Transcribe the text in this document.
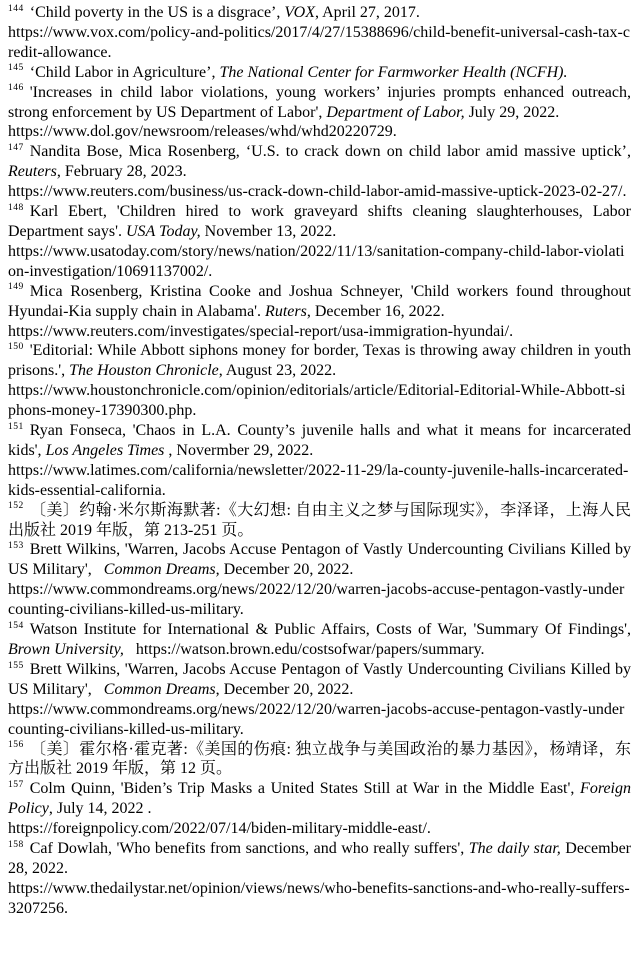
$^{144}$ ‘Child poverty in the US is a disgrace’, VOX, April 27, 2017.
https://www.vox.com/policy-and-politics/2017/4/27/15388696/child-benefit-universal-cash-tax-credit-allowance.

$^{145}$ ‘Child Labor in Agriculture’, The National Center for Farmworker Health (NCFH).

$^{146}$ 'Increases in child labor violations, young workers’ injuries prompts enhanced outreach, strong enforcement by US Department of Labor', Department of Labor, July 29, 2022.
https://www.dol.gov/newsroom/releases/whd/whd20220729.

$^{147}$ Nandita Bose, Mica Rosenberg, ‘U.S. to crack down on child labor amid massive uptick’, Reuters, February 28, 2023.
https://www.reuters.com/business/us-crack-down-child-labor-amid-massive-uptick-2023-02-27/.

$^{148}$ Karl Ebert, 'Children hired to work graveyard shifts cleaning slaughterhouses, Labor Department says'. USA Today, November 13, 2022.
https://www.usatoday.com/story/news/nation/2022/11/13/sanitation-company-child-labor-violation-investigation/10691137002/.

$^{149}$ Mica Rosenberg, Kristina Cooke and Joshua Schneyer, 'Child workers found throughout Hyundai-Kia supply chain in Alabama'. Ruters, December 16, 2022.
https://www.reuters.com/investigates/special-report/usa-immigration-hyundai/.

$^{150}$ 'Editorial: While Abbott siphons money for border, Texas is throwing away children in youth prisons.', The Houston Chronicle, August 23, 2022.
https://www.houstonchronicle.com/opinion/editorials/article/Editorial-Editorial-While-Abbott-siphons-money-17390300.php.

$^{151}$ Ryan Fonseca, 'Chaos in L.A. County’s juvenile halls and what it means for incarcerated kids', Los Angeles Times , Novermber 29, 2022.
https://www.latimes.com/california/newsletter/2022-11-29/la-county-juvenile-halls-incarcerated-kids-essential-california.

$^{152}$ 〔美〕约翰·米尔斯海默著:《大幻想: 自由主义之梦与国际现实》，李泽译，上海人民出版社 2019 年版，第 213-251 页。

$^{153}$ Brett Wilkins, 'Warren, Jacobs Accuse Pentagon of Vastly Undercounting Civilians Killed by US Military',   Common Dreams, December 20, 2022.
https://www.commondreams.org/news/2022/12/20/warren-jacobs-accuse-pentagon-vastly-undercounting-civilians-killed-us-military.

$^{154}$ Watson Institute for International & Public Affairs, Costs of War, 'Summary Of Findings', Brown University, https://watson.brown.edu/costsofwar/papers/summary.

$^{155}$ Brett Wilkins, 'Warren, Jacobs Accuse Pentagon of Vastly Undercounting Civilians Killed by US Military',   Common Dreams, December 20, 2022.
https://www.commondreams.org/news/2022/12/20/warren-jacobs-accuse-pentagon-vastly-undercounting-civilians-killed-us-military.

$^{156}$ 〔美〕霍尔格·霍克著:《美国的伤痕: 独立战争与美国政治的暴力基因》，杨靖译，东方出版社 2019 年版，第 12 页。

$^{157}$ Colm Quinn, 'Biden’s Trip Masks a United States Still at War in the Middle East', Foreign Policy, July 14, 2022 .
https://foreignpolicy.com/2022/07/14/biden-military-middle-east/.

$^{158}$ Caf Dowlah, 'Who benefits from sanctions, and who really suffers', The daily star, December 28, 2022.
https://www.thedailystar.net/opinion/views/news/who-benefits-sanctions-and-who-really-suffers-3207256.
